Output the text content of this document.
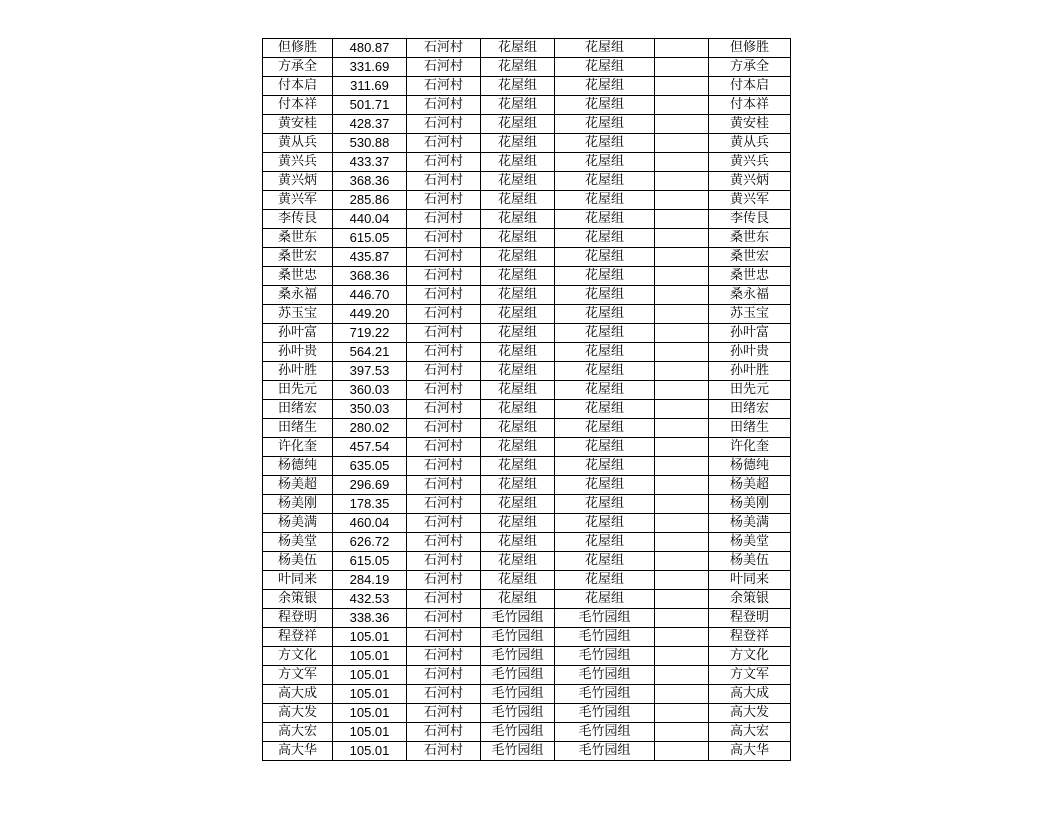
但修胜	480.87	石河村	花屋组	花屋组		但修胜
方承全	331.69	石河村	花屋组	花屋组		方承全
付本启	311.69	石河村	花屋组	花屋组		付本启
付本祥	501.71	石河村	花屋组	花屋组		付本祥
黄安桂	428.37	石河村	花屋组	花屋组		黄安桂
黄从兵	530.88	石河村	花屋组	花屋组		黄从兵
黄兴兵	433.37	石河村	花屋组	花屋组		黄兴兵
黄兴炳	368.36	石河村	花屋组	花屋组		黄兴炳
黄兴军	285.86	石河村	花屋组	花屋组		黄兴军
李传艮	440.04	石河村	花屋组	花屋组		李传艮
桑世东	615.05	石河村	花屋组	花屋组		桑世东
桑世宏	435.87	石河村	花屋组	花屋组		桑世宏
桑世忠	368.36	石河村	花屋组	花屋组		桑世忠
桑永福	446.70	石河村	花屋组	花屋组		桑永福
苏玉宝	449.20	石河村	花屋组	花屋组		苏玉宝
孙叶富	719.22	石河村	花屋组	花屋组		孙叶富
孙叶贵	564.21	石河村	花屋组	花屋组		孙叶贵
孙叶胜	397.53	石河村	花屋组	花屋组		孙叶胜
田先元	360.03	石河村	花屋组	花屋组		田先元
田绪宏	350.03	石河村	花屋组	花屋组		田绪宏
田绪生	280.02	石河村	花屋组	花屋组		田绪生
许化奎	457.54	石河村	花屋组	花屋组		许化奎
杨德纯	635.05	石河村	花屋组	花屋组		杨德纯
杨美超	296.69	石河村	花屋组	花屋组		杨美超
杨美刚	178.35	石河村	花屋组	花屋组		杨美刚
杨美满	460.04	石河村	花屋组	花屋组		杨美满
杨美堂	626.72	石河村	花屋组	花屋组		杨美堂
杨美伍	615.05	石河村	花屋组	花屋组		杨美伍
叶同来	284.19	石河村	花屋组	花屋组		叶同来
余策银	432.53	石河村	花屋组	花屋组		余策银
程登明	338.36	石河村	毛竹园组	毛竹园组		程登明
程登祥	105.01	石河村	毛竹园组	毛竹园组		程登祥
方文化	105.01	石河村	毛竹园组	毛竹园组		方文化
方文军	105.01	石河村	毛竹园组	毛竹园组		方文军
高大成	105.01	石河村	毛竹园组	毛竹园组		高大成
高大发	105.01	石河村	毛竹园组	毛竹园组		高大发
高大宏	105.01	石河村	毛竹园组	毛竹园组		高大宏
高大华	105.01	石河村	毛竹园组	毛竹园组		高大华
